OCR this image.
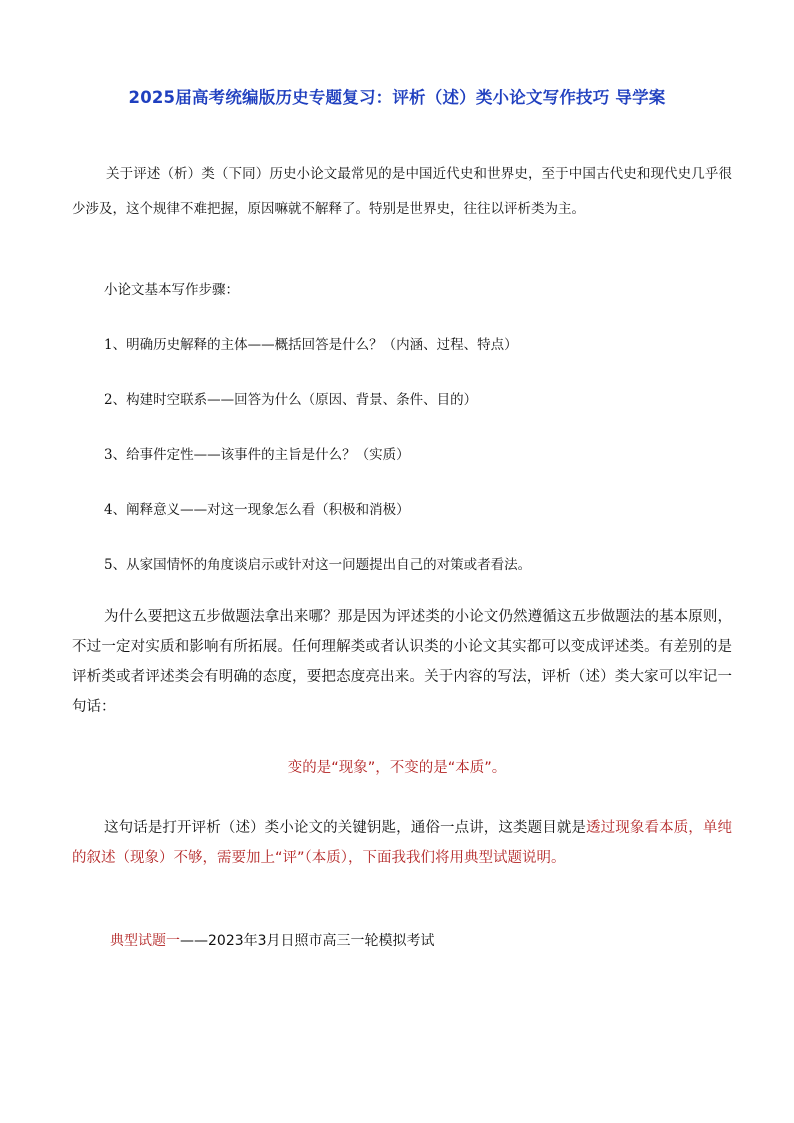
2025届高考统编版历史专题复习：评析（述）类小论文写作技巧 导学案
关于评述（析）类（下同）历史小论文最常见的是中国近代史和世界史，至于中国古代史和现代史几乎很少涉及，这个规律不难把握，原因嘛就不解释了。特别是世界史，往往以评析类为主。
小论文基本写作步骤：
1、明确历史解释的主体——概括回答是什么？（内涵、过程、特点）
2、构建时空联系——回答为什么（原因、背景、条件、目的）
3、给事件定性——该事件的主旨是什么？（实质）
4、阐释意义——对这一现象怎么看（积极和消极）
5、从家国情怀的角度谈启示或针对这一问题提出自己的对策或者看法。
为什么要把这五步做题法拿出来哪？那是因为评述类的小论文仍然遵循这五步做题法的基本原则，不过一定对实质和影响有所拓展。任何理解类或者认识类的小论文其实都可以变成评述类。有差别的是评析类或者评述类会有明确的态度，要把态度亮出来。关于内容的写法，评析（述）类大家可以牢记一句话：
变的是“现象”，不变的是“本质”。
这句话是打开评析（述）类小论文的关键钥匙，通俗一点讲，这类题目就是透过现象看本质，单纯的叙述（现象）不够，需要加上“评”（本质），下面我我们将用典型试题说明。
典型试题一——2023年3月日照市高三一轮模拟考试
